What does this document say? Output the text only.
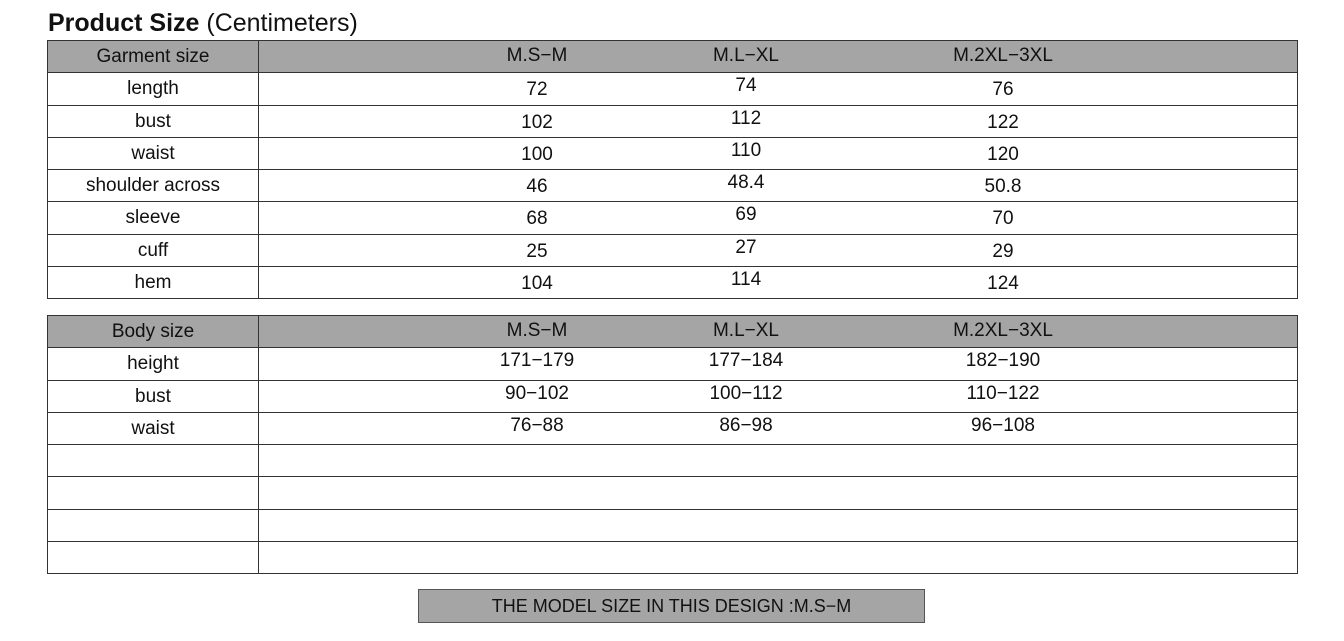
Product Size (Centimeters)
Garment size	M.S−M	M.L−XL	M.2XL−3XL
length	72	74	76
bust	102	112	122
waist	100	110	120
shoulder across	46	48.4	50.8
sleeve	68	69	70
cuff	25	27	29
hem	104	114	124
Body size	M.S−M	M.L−XL	M.2XL−3XL
height	171−179	177−184	182−190
bust	90−102	100−112	110−122
waist	76−88	86−98	96−108
THE MODEL SIZE IN THIS DESIGN :M.S−M
